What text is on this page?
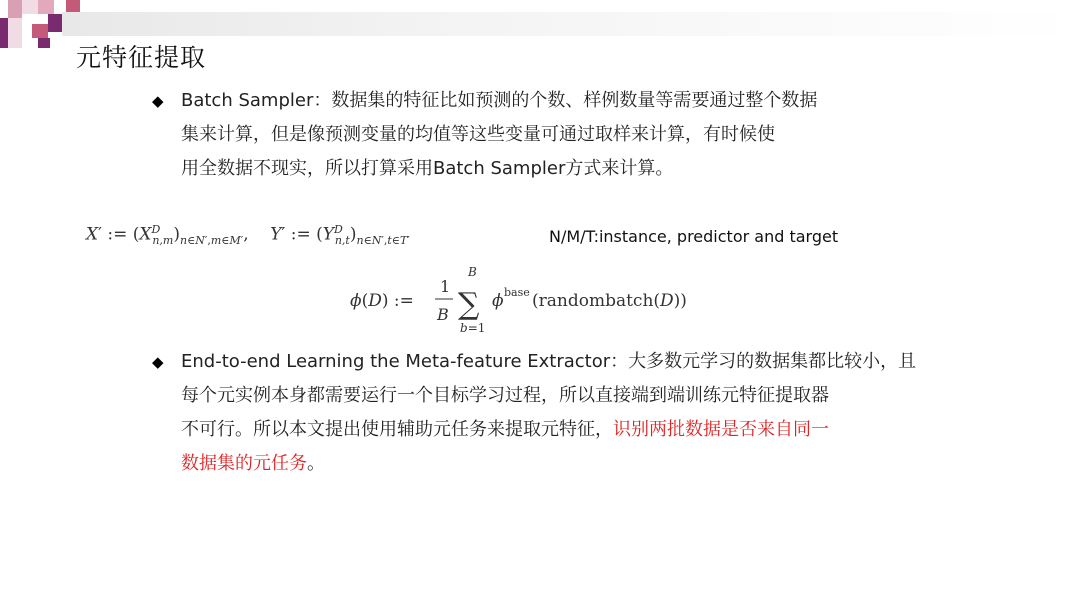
元特征提取
◆ Batch Sampler：数据集的特征比如预测的个数、样例数量等需要通过整个数据
集来计算，但是像预测变量的均值等这些变量可通过取样来计算，有时候使
用全数据不现实，所以打算采用Batch Sampler方式来计算。
X′ := $(X^D_{n,m})_{n\in N',m\in M'}$,    Y′ := $(Y^D_{n,t})_{n\in N',t\in T'}$	N/M/T:instance, predictor and target
ϕ(D) :=
1
B
B
∑
b=1
ϕ base (randombatch(D))
◆ End-to-end Learning the Meta-feature Extractor：大多数元学习的数据集都比较小，且
每个元实例本身都需要运行一个目标学习过程，所以直接端到端训练元特征提取器
不可行。所以本文提出使用辅助元任务来提取元特征，识别两批数据是否来自同一
数据集的元任务。
